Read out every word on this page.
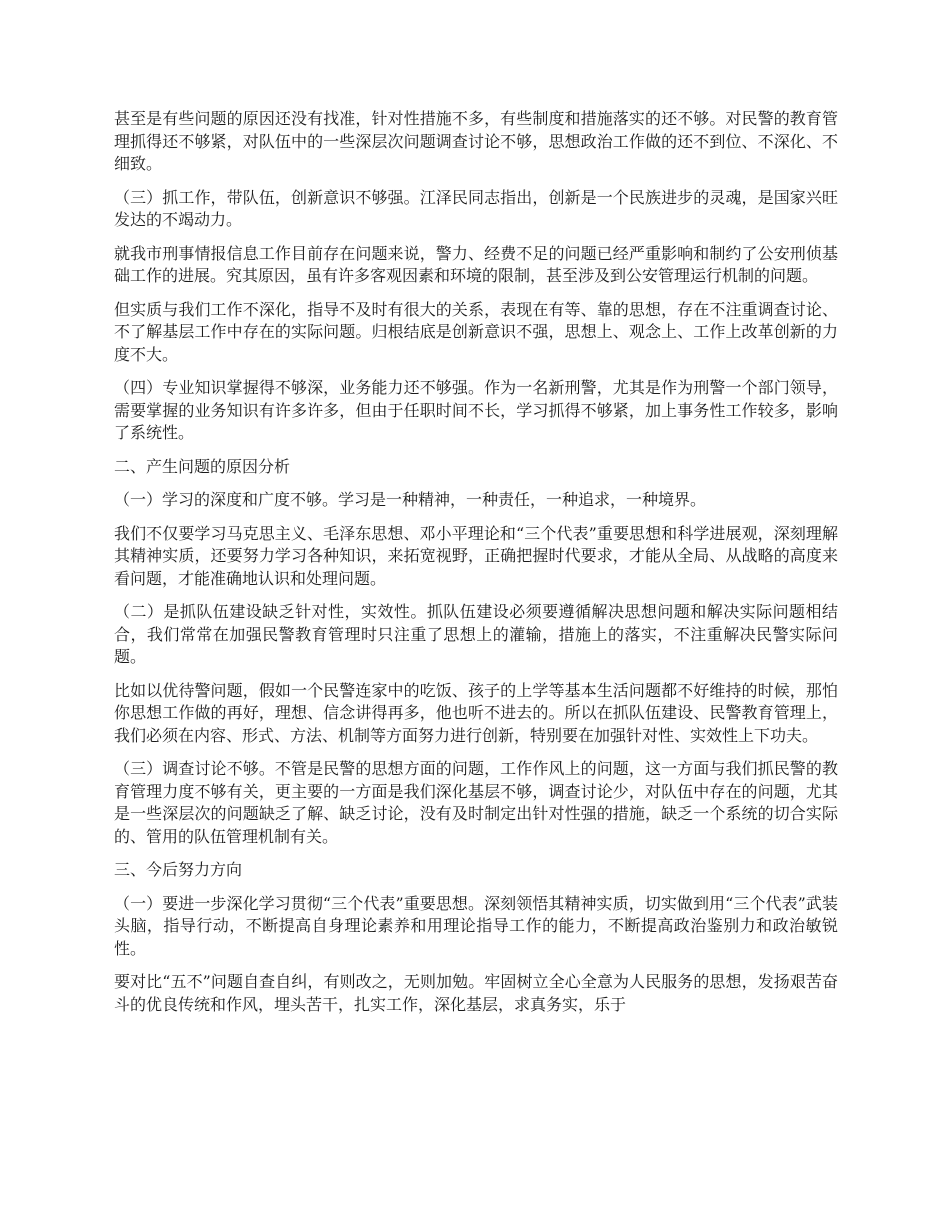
甚至是有些问题的原因还没有找准，针对性措施不多，有些制度和措施落实的还不够。对民警的教育管理抓得还不够紧，对队伍中的一些深层次问题调查讨论不够，思想政治工作做的还不到位、不深化、不细致。

（三）抓工作，带队伍，创新意识不够强。江泽民同志指出，创新是一个民族进步的灵魂，是国家兴旺发达的不竭动力。

就我市刑事情报信息工作目前存在问题来说，警力、经费不足的问题已经严重影响和制约了公安刑侦基础工作的进展。究其原因，虽有许多客观因素和环境的限制，甚至涉及到公安管理运行机制的问题。

但实质与我们工作不深化，指导不及时有很大的关系，表现在有等、靠的思想，存在不注重调查讨论、不了解基层工作中存在的实际问题。归根结底是创新意识不强，思想上、观念上、工作上改革创新的力度不大。

（四）专业知识掌握得不够深，业务能力还不够强。作为一名新刑警，尤其是作为刑警一个部门领导，需要掌握的业务知识有许多许多，但由于任职时间不长，学习抓得不够紧，加上事务性工作较多，影响了系统性。

二、产生问题的原因分析

（一）学习的深度和广度不够。学习是一种精神，一种责任，一种追求，一种境界。

我们不仅要学习马克思主义、毛泽东思想、邓小平理论和“三个代表”重要思想和科学进展观，深刻理解其精神实质，还要努力学习各种知识，来拓宽视野，正确把握时代要求，才能从全局、从战略的高度来看问题，才能准确地认识和处理问题。

（二）是抓队伍建设缺乏针对性，实效性。抓队伍建设必须要遵循解决思想问题和解决实际问题相结合，我们常常在加强民警教育管理时只注重了思想上的灌输，措施上的落实，不注重解决民警实际问题。

比如以优待警问题，假如一个民警连家中的吃饭、孩子的上学等基本生活问题都不好维持的时候，那怕你思想工作做的再好，理想、信念讲得再多，他也听不进去的。所以在抓队伍建设、民警教育管理上，我们必须在内容、形式、方法、机制等方面努力进行创新，特别要在加强针对性、实效性上下功夫。

（三）调查讨论不够。不管是民警的思想方面的问题，工作作风上的问题，这一方面与我们抓民警的教育管理力度不够有关，更主要的一方面是我们深化基层不够，调查讨论少，对队伍中存在的问题，尤其是一些深层次的问题缺乏了解、缺乏讨论，没有及时制定出针对性强的措施，缺乏一个系统的切合实际的、管用的队伍管理机制有关。

三、今后努力方向

（一）要进一步深化学习贯彻“三个代表”重要思想。深刻领悟其精神实质，切实做到用“三个代表”武装头脑，指导行动，不断提高自身理论素养和用理论指导工作的能力，不断提高政治鉴别力和政治敏锐性。

要对比“五不”问题自查自纠，有则改之，无则加勉。牢固树立全心全意为人民服务的思想，发扬艰苦奋斗的优良传统和作风，埋头苦干，扎实工作，深化基层，求真务实，乐于
